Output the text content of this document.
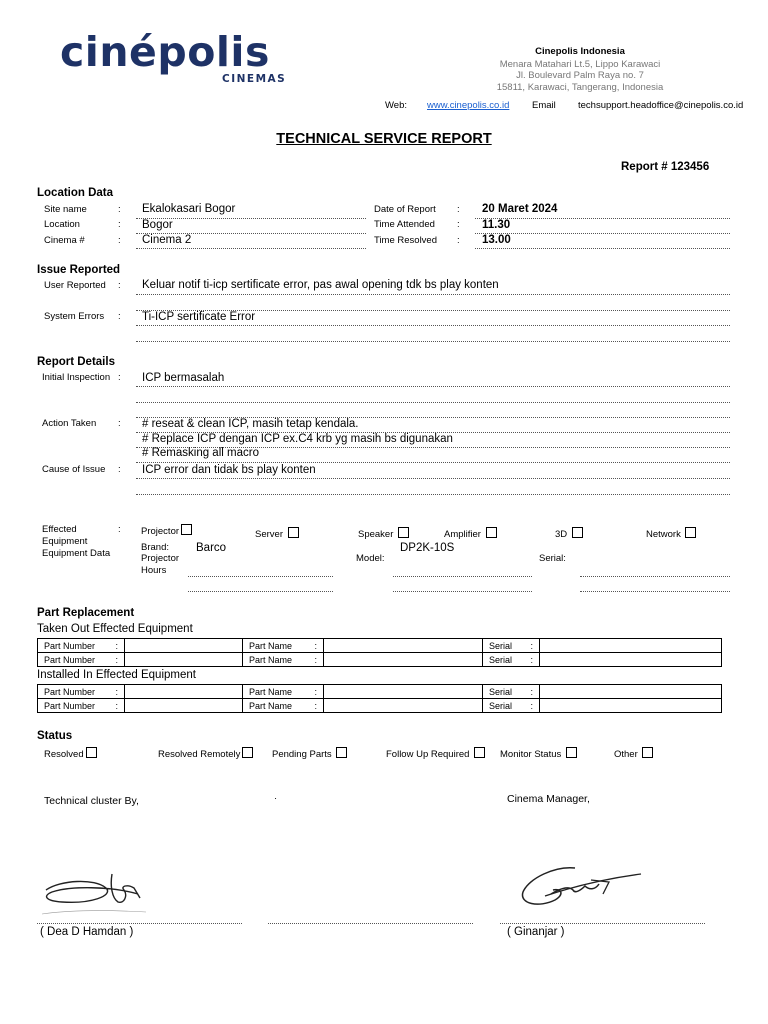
cinépolis
CINEMAS
Cinepolis Indonesia
Menara Matahari Lt.5, Lippo Karawaci
Jl. Boulevard Palm Raya no. 7
15811, Karawaci, Tangerang, Indonesia
Web: www.cinepolis.co.id Email techsupport.headoffice@cinepolis.co.id
TECHNICAL SERVICE REPORT
Report # 123456
Location Data
Site name	: Ekalokasari Bogor
Location	: Bogor
Cinema #	: Cinema 2
Date of Report : 20 Maret 2024
Time Attended : 11.30
Time Resolved : 13.00
Issue Reported
User Reported : Keluar notif ti-icp sertificate error, pas awal opening tdk bs play konten
System Errors : Ti-ICP sertificate Error
Report Details
Initial Inspection : ICP bermasalah
Action Taken : # reseat & clean ICP, masih tetap kendala.
# Replace ICP dengan ICP ex.C4 krb yg masih bs digunakan
# Remasking all macro
Cause of Issue : ICP error dan tidak bs play konten
Effected
Equipment
Equipment Data
: Projector	Server	Speaker	Amplifier	3D	Network
Brand: Barco
Projector
Hours
Model:
DP2K-10S
Serial:
Part Replacement
Taken Out Effected Equipment
Part Number :		Part Name :		Serial :	

Part Number :		Part Name :		Serial :	

Installed In Effected Equipment
Part Number :		Part Name :		Serial :	

Part Number :		Part Name :		Serial :	

Status
Resolved	Resolved Remotely	Pending Parts	Follow Up Required	Monitor Status	Other
Technical cluster By,	·	Cinema Manager,
( Dea D Hamdan )	( Ginanjar )
